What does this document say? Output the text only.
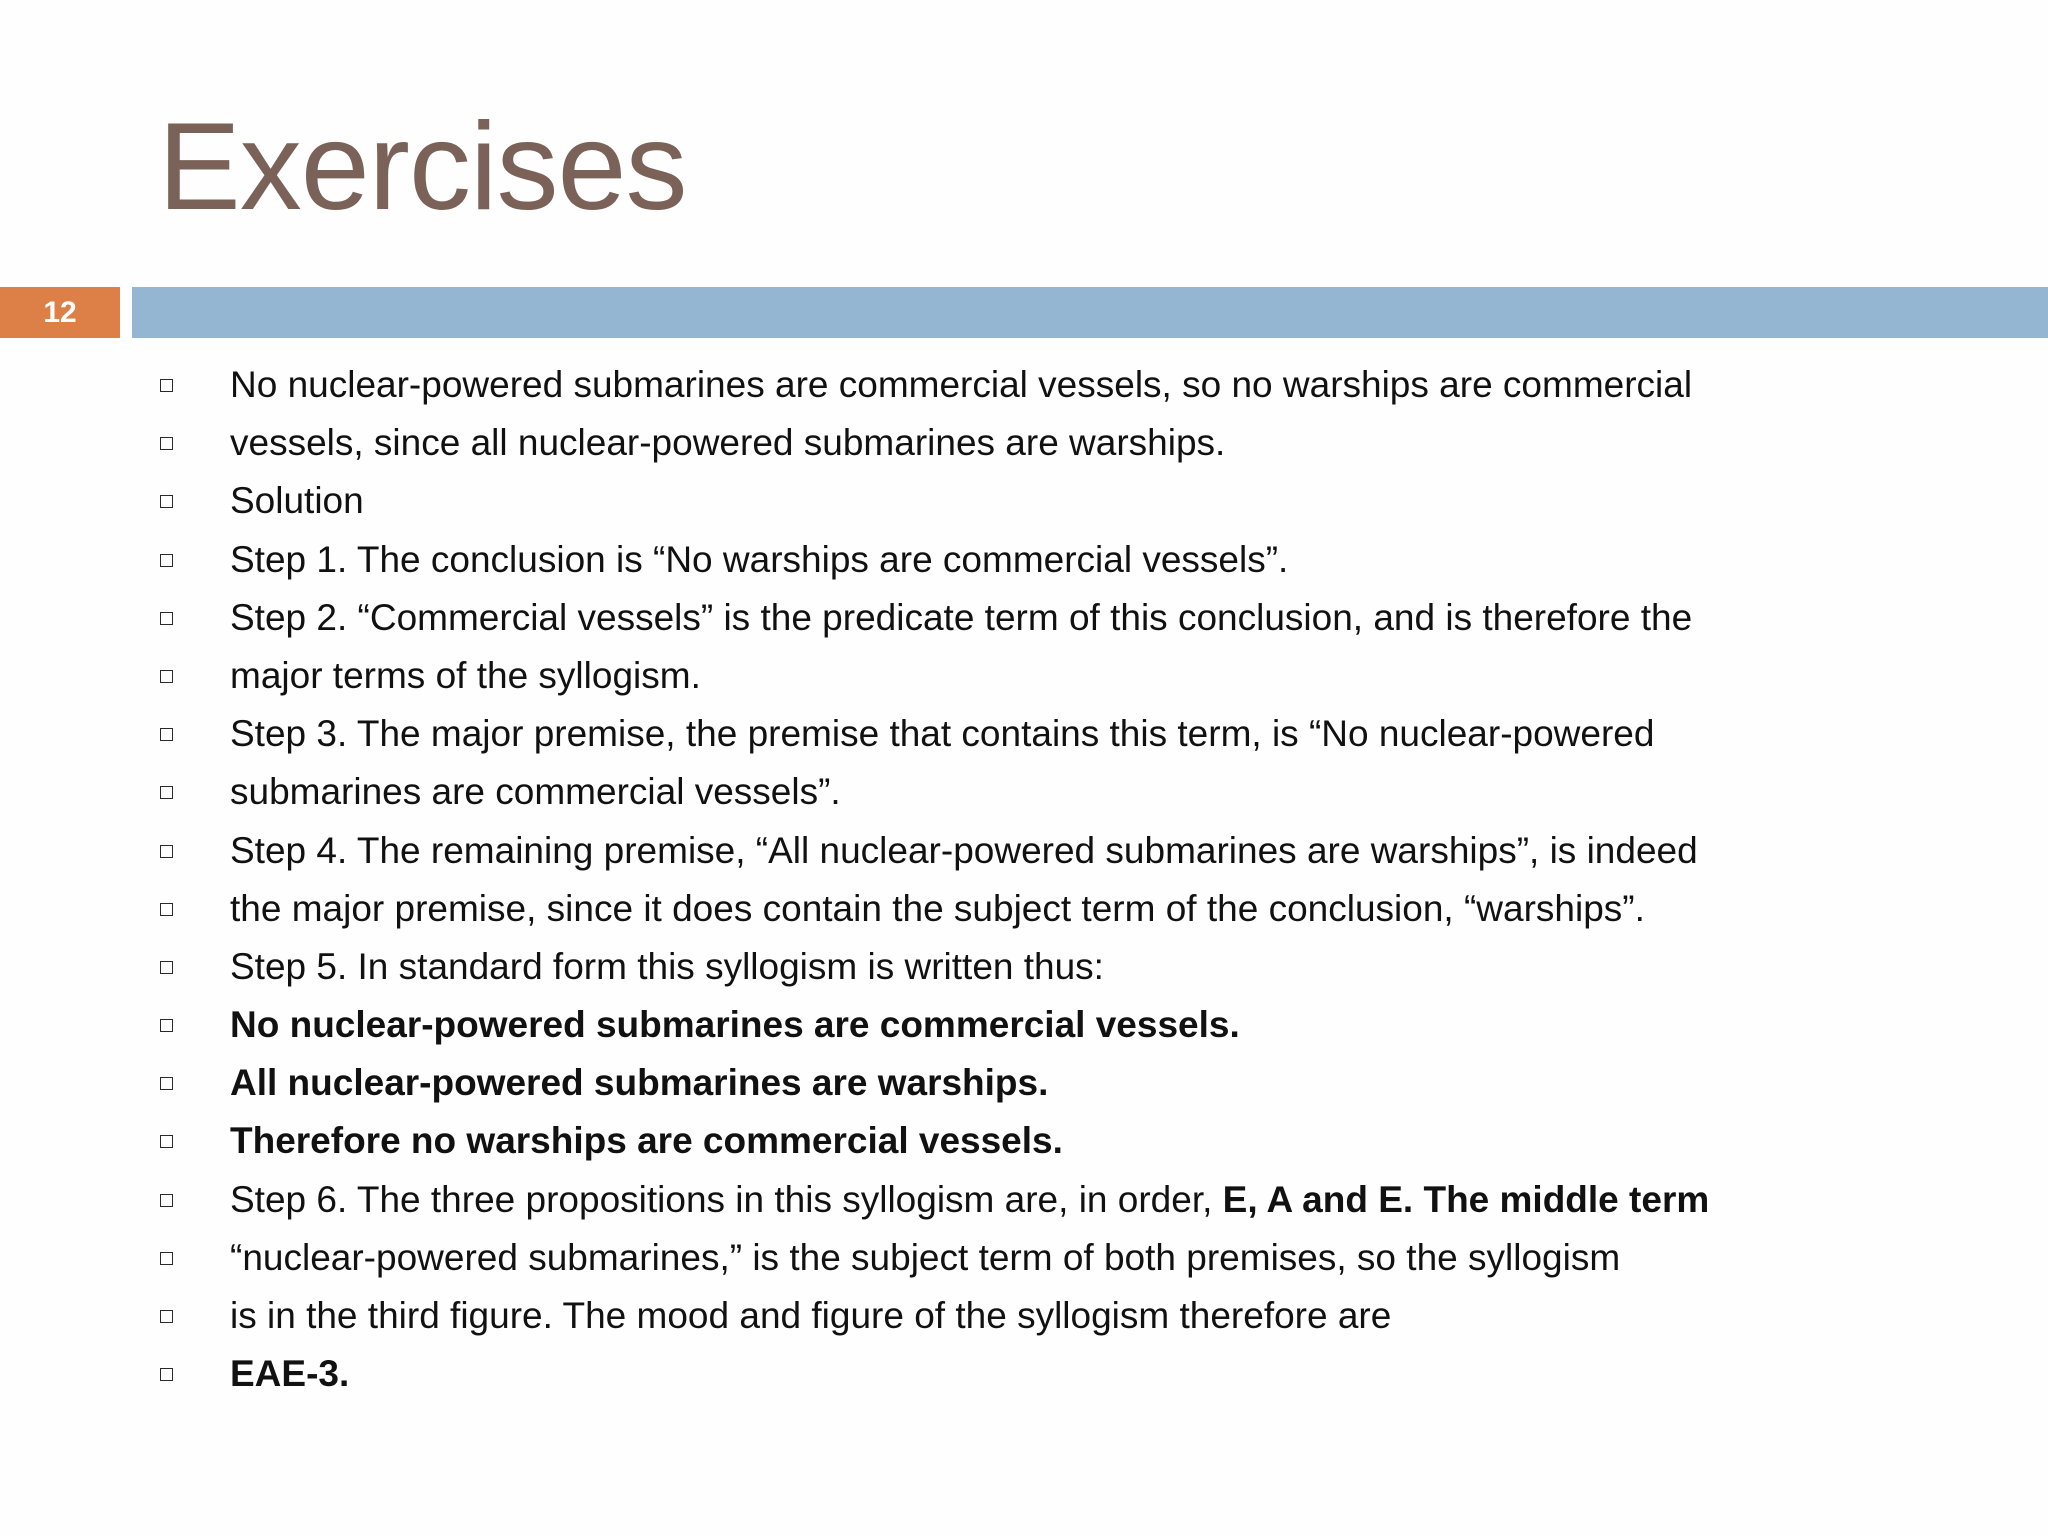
Exercises
12
No nuclear-powered submarines are commercial vessels, so no warships are commercial
vessels, since all nuclear-powered submarines are warships.
Solution
Step 1. The conclusion is “No warships are commercial vessels”.
Step 2. “Commercial vessels” is the predicate term of this conclusion, and is therefore the
major terms of the syllogism.
Step 3. The major premise, the premise that contains this term, is “No nuclear-powered
submarines are commercial vessels”.
Step 4. The remaining premise, “All nuclear-powered submarines are warships”, is indeed
the major premise, since it does contain the subject term of the conclusion, “warships”.
Step 5. In standard form this syllogism is written thus:
No nuclear-powered submarines are commercial vessels.
All nuclear-powered submarines are warships.
Therefore no warships are commercial vessels.
Step 6. The three propositions in this syllogism are, in order, E, A and E. The middle term
“nuclear-powered submarines,” is the subject term of both premises, so the syllogism
is in the third figure. The mood and figure of the syllogism therefore are
EAE-3.
